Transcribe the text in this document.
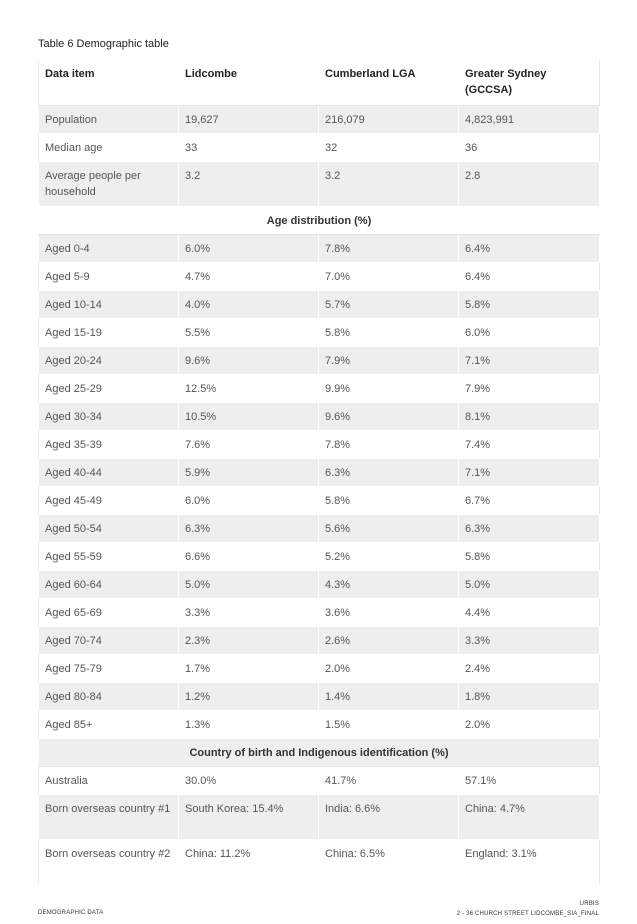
Table 6 Demographic table
Data item	Lidcombe	Cumberland LGA	Greater Sydney (GCCSA)
Population	19,627	216,079	4,823,991
Median age	33	32	36
Average people per household	3.2	3.2	2.8
Age distribution (%)			
Aged 0-4	6.0%	7.8%	6.4%
Aged 5-9	4.7%	7.0%	6.4%
Aged 10-14	4.0%	5.7%	5.8%
Aged 15-19	5.5%	5.8%	6.0%
Aged 20-24	9.6%	7.9%	7.1%
Aged 25-29	12.5%	9.9%	7.9%
Aged 30-34	10.5%	9.6%	8.1%
Aged 35-39	7.6%	7.8%	7.4%
Aged 40-44	5.9%	6.3%	7.1%
Aged 45-49	6.0%	5.8%	6.7%
Aged 50-54	6.3%	5.6%	6.3%
Aged 55-59	6.6%	5.2%	5.8%
Aged 60-64	5.0%	4.3%	5.0%
Aged 65-69	3.3%	3.6%	4.4%
Aged 70-74	2.3%	2.6%	3.3%
Aged 75-79	1.7%	2.0%	2.4%
Aged 80-84	1.2%	1.4%	1.8%
Aged 85+	1.3%	1.5%	2.0%
Country of birth and Indigenous identification (%)			
Australia	30.0%	41.7%	57.1%
Born overseas country #1	South Korea: 15.4%	India: 6.6%	China: 4.7%
Born overseas country #2	China: 11.2%	China: 6.5%	England: 3.1%
URBIS
2 - 36 CHURCH STREET LIDCOMBE_SIA_FINAL
DEMOGRAPHIC DATA
